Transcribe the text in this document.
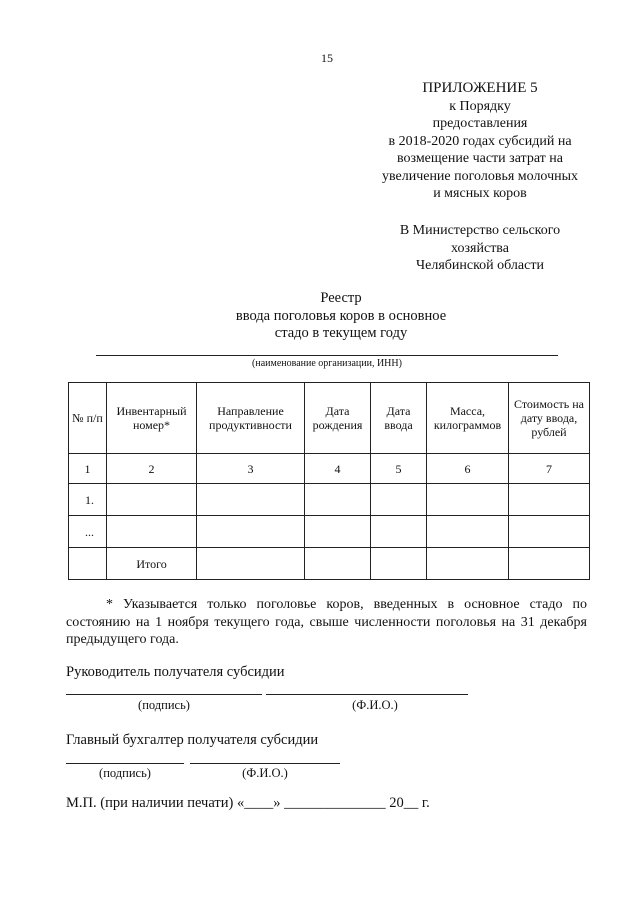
15
ПРИЛОЖЕНИЕ 5
к Порядку
предоставления
в 2018-2020 годах субсидий на
возмещение части затрат на
увеличение поголовья молочных
и мясных коров
В Министерство сельского
хозяйства
Челябинской области
Реестр
ввода поголовья коров в основное
стадо в текущем году
(наименование организации, ИНН)
№ п/п	Инвентарный номер*	Направление продуктивности	Дата рождения	Дата ввода	Масса, килограммов	Стоимость на дату ввода, рублей
1	2	3	4	5	6	7
1.						
...						
	Итого					
* Указывается только поголовье коров, введенных в основное стадо по состоянию на 1 ноября текущего года, свыше численности поголовья на 31 декабря предыдущего года.
Руководитель получателя субсидии
(подпись)	(Ф.И.О.)
Главный бухгалтер получателя субсидии
(подпись)	(Ф.И.О.)
М.П. (при наличии печати) «____» ______________ 20__ г.
